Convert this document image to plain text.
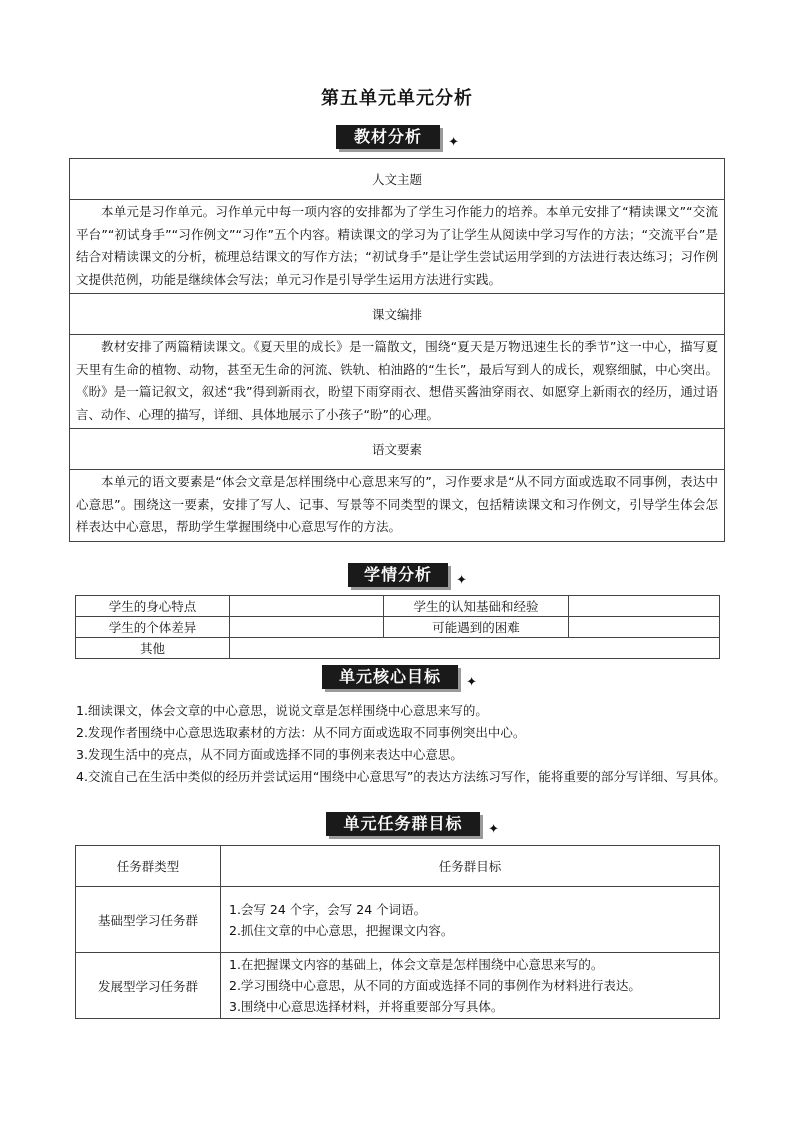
第五单元单元分析
教材分析 ✦
人文主题
本单元是习作单元。习作单元中每一项内容的安排都为了学生习作能力的培养。本单元安排了“精读课文”“交流平台”“初试身手”“习作例文”“习作”五个内容。精读课文的学习为了让学生从阅读中学习写作的方法；“交流平台”是结合对精读课文的分析，梳理总结课文的写作方法；“初试身手”是让学生尝试运用学到的方法进行表达练习；习作例文提供范例，功能是继续体会写法；单元习作是引导学生运用方法进行实践。
课文编排
教材安排了两篇精读课文。《夏天里的成长》是一篇散文，围绕“夏天是万物迅速生长的季节”这一中心，描写夏天里有生命的植物、动物，甚至无生命的河流、铁轨、柏油路的“生长”，最后写到人的成长，观察细腻，中心突出。《盼》是一篇记叙文，叙述“我”得到新雨衣，盼望下雨穿雨衣、想借买酱油穿雨衣、如愿穿上新雨衣的经历，通过语言、动作、心理的描写，详细、具体地展示了小孩子“盼”的心理。
语文要素
本单元的语文要素是“体会文章是怎样围绕中心意思来写的”，习作要求是“从不同方面或选取不同事例，表达中心意思”。围绕这一要素，安排了写人、记事、写景等不同类型的课文，包括精读课文和习作例文，引导学生体会怎样表达中心意思，帮助学生掌握围绕中心意思写作的方法。
学情分析 ✦
学生的身心特点		学生的认知基础和经验	
学生的个体差异		可能遇到的困难	
其他			
单元核心目标 ✦

1.细读课文，体会文章的中心意思，说说文章是怎样围绕中心意思来写的。

2.发现作者围绕中心意思选取素材的方法：从不同方面或选取不同事例突出中心。

3.发现生活中的亮点，从不同方面或选择不同的事例来表达中心意思。

4.交流自己在生活中类似的经历并尝试运用“围绕中心意思写”的表达方法练习写作，能将重要的部分写详细、写具体。

单元任务群目标 ✦
任务群类型	任务群目标
基础型学习任务群	1.会写 24 个字，会写 24 个词语。

2.抓住文章的中心意思，把握课文内容。

发展型学习任务群	1.在把握课文内容的基础上，体会文章是怎样围绕中心意思来写的。

2.学习围绕中心意思，从不同的方面或选择不同的事例作为材料进行表达。

3.围绕中心意思选择材料，并将重要部分写具体。
